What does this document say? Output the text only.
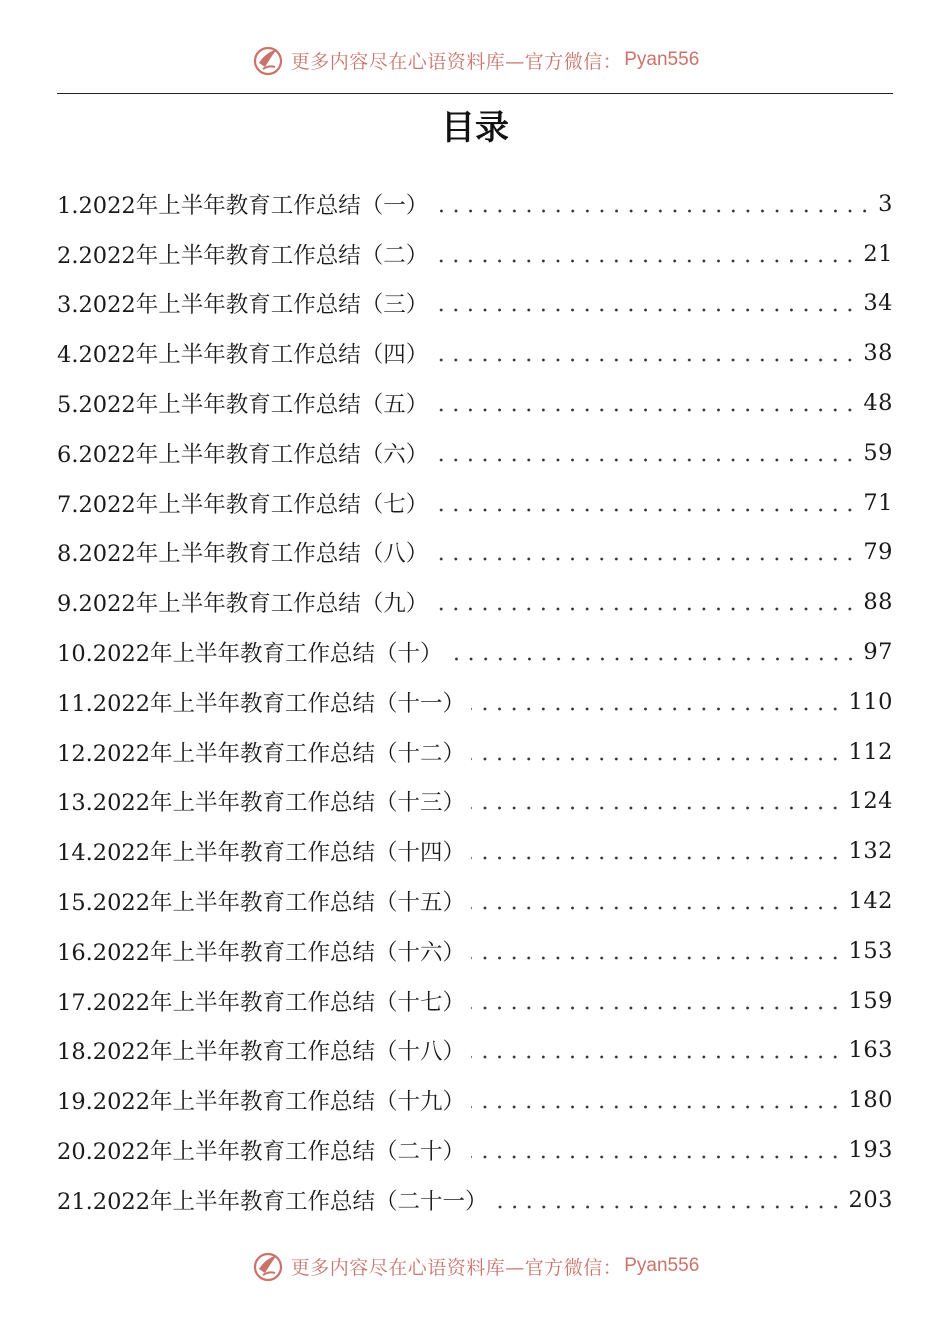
更多内容尽在心语资料库—官方微信： Pyan556
目录
1.2022年上半年教育工作总结（一）	3
2.2022年上半年教育工作总结（二）	21
3.2022年上半年教育工作总结（三）	34
4.2022年上半年教育工作总结（四）	38
5.2022年上半年教育工作总结（五）	48
6.2022年上半年教育工作总结（六）	59
7.2022年上半年教育工作总结（七）	71
8.2022年上半年教育工作总结（八）	79
9.2022年上半年教育工作总结（九）	88
10.2022年上半年教育工作总结（十）	97
11.2022年上半年教育工作总结（十一）	110
12.2022年上半年教育工作总结（十二）	112
13.2022年上半年教育工作总结（十三）	124
14.2022年上半年教育工作总结（十四）	132
15.2022年上半年教育工作总结（十五）	142
16.2022年上半年教育工作总结（十六）	153
17.2022年上半年教育工作总结（十七）	159
18.2022年上半年教育工作总结（十八）	163
19.2022年上半年教育工作总结（十九）	180
20.2022年上半年教育工作总结（二十）	193
21.2022年上半年教育工作总结（二十一）	203
更多内容尽在心语资料库—官方微信： Pyan556
